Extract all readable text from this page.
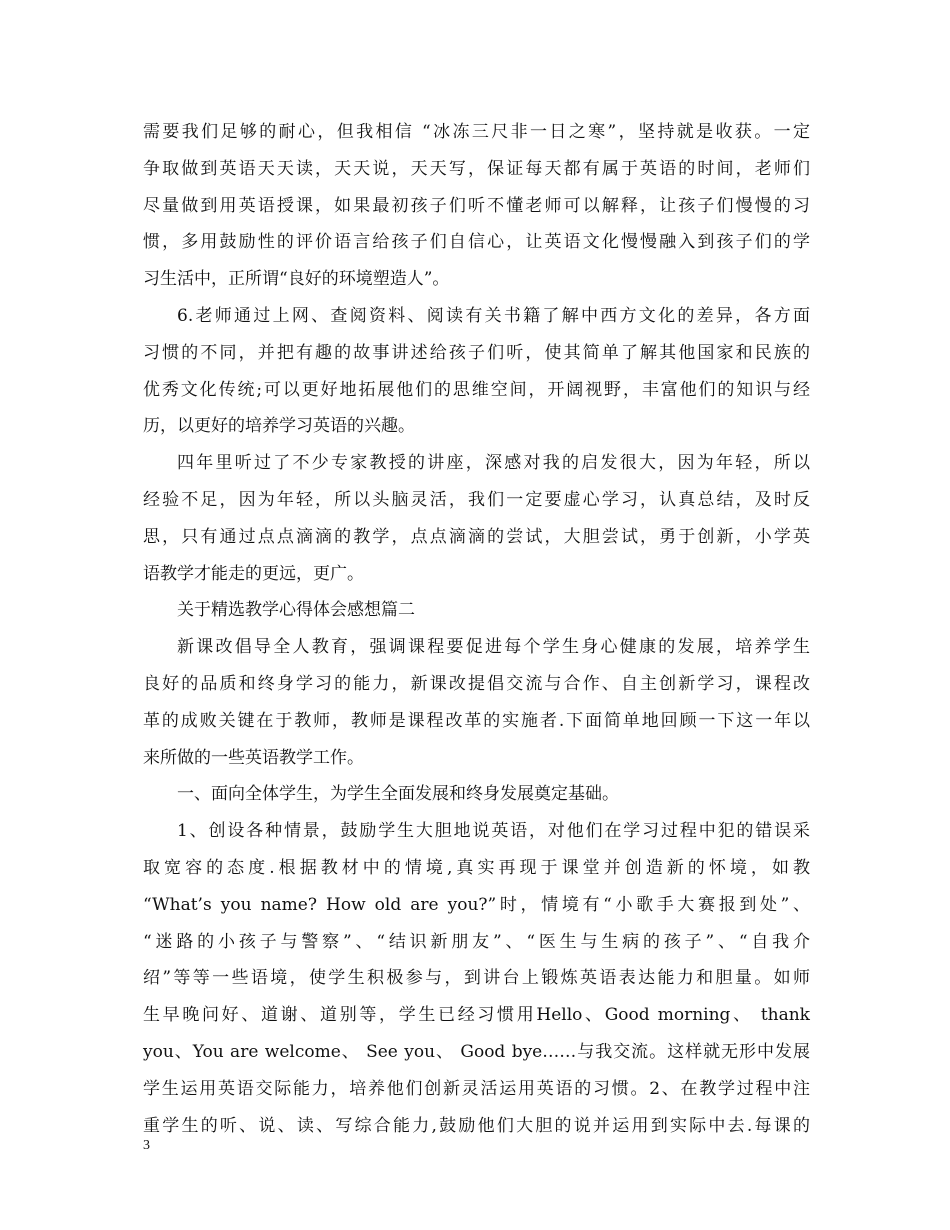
需要我们足够的耐心，但我相信 “冰冻三尺非一日之寒”，坚持就是收获。一定
争取做到英语天天读，天天说，天天写，保证每天都有属于英语的时间，老师们
尽量做到用英语授课，如果最初孩子们听不懂老师可以解释，让孩子们慢慢的习
惯，多用鼓励性的评价语言给孩子们自信心，让英语文化慢慢融入到孩子们的学
习生活中，正所谓“良好的环境塑造人”。
6.老师通过上网、查阅资料、阅读有关书籍了解中西方文化的差异，各方面
习惯的不同，并把有趣的故事讲述给孩子们听，使其简单了解其他国家和民族的
优秀文化传统;可以更好地拓展他们的思维空间，开阔视野，丰富他们的知识与经
历，以更好的培养学习英语的兴趣。
四年里听过了不少专家教授的讲座，深感对我的启发很大，因为年轻，所以
经验不足，因为年轻，所以头脑灵活，我们一定要虚心学习，认真总结，及时反
思，只有通过点点滴滴的教学，点点滴滴的尝试，大胆尝试，勇于创新，小学英
语教学才能走的更远，更广。
关于精选教学心得体会感想篇二
新课改倡导全人教育，强调课程要促进每个学生身心健康的发展，培养学生
良好的品质和终身学习的能力，新课改提倡交流与合作、自主创新学习，课程改
革的成败关键在于教师，教师是课程改革的实施者.下面简单地回顾一下这一年以
来所做的一些英语教学工作。
一、面向全体学生，为学生全面发展和终身发展奠定基础。
1、创设各种情景，鼓励学生大胆地说英语，对他们在学习过程中犯的错误采
取宽容的态度.根据教材中的情境,真实再现于课堂并创造新的怀境，如教
“What’s you name? How old are you?”时，情境有“小歌手大赛报到处”、
“迷路的小孩子与警察”、“结识新朋友”、“医生与生病的孩子”、“自我介
绍”等等一些语境，使学生积极参与，到讲台上锻炼英语表达能力和胆量。如师
生早晚问好、道谢、道别等，学生已经习惯用Hello、Good morning、 thank
you、You are welcome、 See you、 Good bye……与我交流。这样就无形中发展
学生运用英语交际能力，培养他们创新灵活运用英语的习惯。2、在教学过程中注
重学生的听、说、读、写综合能力,鼓励他们大胆的说并运用到实际中去.每课的
3
